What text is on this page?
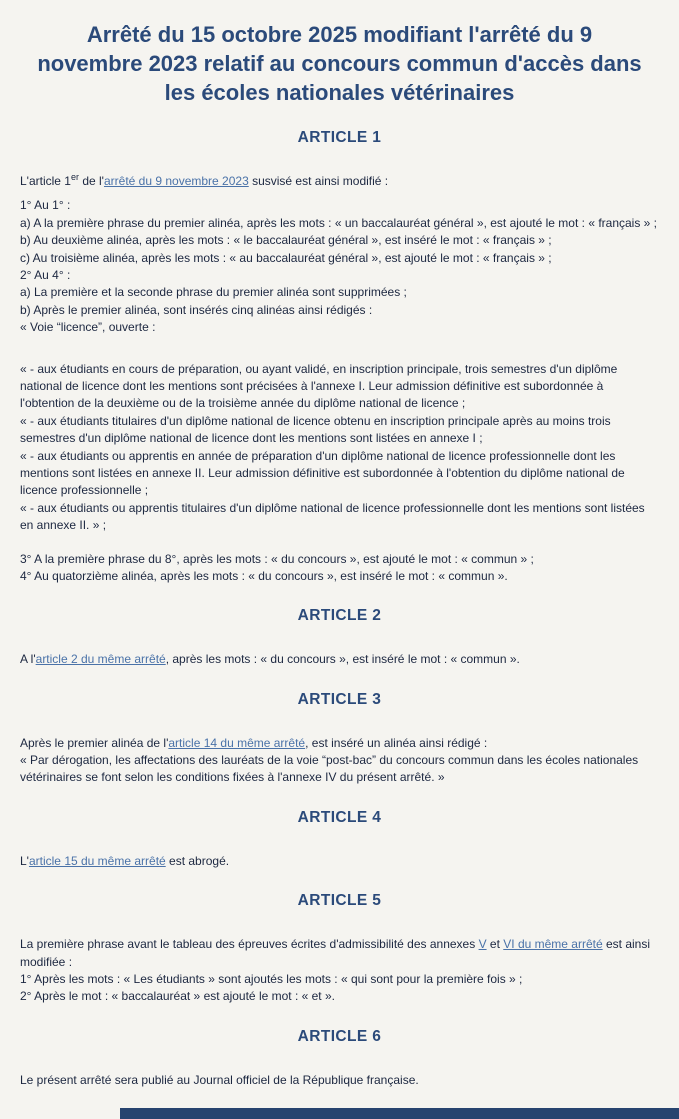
Arrêté du 15 octobre 2025 modifiant l'arrêté du 9 novembre 2023 relatif au concours commun d'accès dans les écoles nationales vétérinaires
ARTICLE 1

L'article 1er de l'arrêté du 9 novembre 2023 susvisé est ainsi modifié :

1° Au 1° :
a) A la première phrase du premier alinéa, après les mots : « un baccalauréat général », est ajouté le mot : « français » ;
b) Au deuxième alinéa, après les mots : « le baccalauréat général », est inséré le mot : « français » ;
c) Au troisième alinéa, après les mots : « au baccalauréat général », est ajouté le mot : « français » ;
2° Au 4° :
a) La première et la seconde phrase du premier alinéa sont supprimées ;
b) Après le premier alinéa, sont insérés cinq alinéas ainsi rédigés :
« Voie “licence”, ouverte :
« - aux étudiants en cours de préparation, ou ayant validé, en inscription principale, trois semestres d'un diplôme national de licence dont les mentions sont précisées à l'annexe I. Leur admission définitive est subordonnée à l'obtention de la deuxième ou de la troisième année du diplôme national de licence ;
« - aux étudiants titulaires d'un diplôme national de licence obtenu en inscription principale après au moins trois semestres d'un diplôme national de licence dont les mentions sont listées en annexe I ;
« - aux étudiants ou apprentis en année de préparation d'un diplôme national de licence professionnelle dont les mentions sont listées en annexe II. Leur admission définitive est subordonnée à l'obtention du diplôme national de licence professionnelle ;
« - aux étudiants ou apprentis titulaires d'un diplôme national de licence professionnelle dont les mentions sont listées en annexe II. » ;
3° A la première phrase du 8°, après les mots : « du concours », est ajouté le mot : « commun » ;
4° Au quatorzième alinéa, après les mots : « du concours », est inséré le mot : « commun ».
ARTICLE 2

A l'article 2 du même arrêté, après les mots : « du concours », est inséré le mot : « commun ».

ARTICLE 3

Après le premier alinéa de l'article 14 du même arrêté, est inséré un alinéa ainsi rédigé :

« Par dérogation, les affectations des lauréats de la voie “post-bac” du concours commun dans les écoles nationales vétérinaires se font selon les conditions fixées à l'annexe IV du présent arrêté. »

ARTICLE 4

L'article 15 du même arrêté est abrogé.

ARTICLE 5

La première phrase avant le tableau des épreuves écrites d'admissibilité des annexes V et VI du même arrêté est ainsi modifiée :

1° Après les mots : « Les étudiants » sont ajoutés les mots : « qui sont pour la première fois » ;
2° Après le mot : « baccalauréat » est ajouté le mot : « et ».
ARTICLE 6

Le présent arrêté sera publié au Journal officiel de la République française.
